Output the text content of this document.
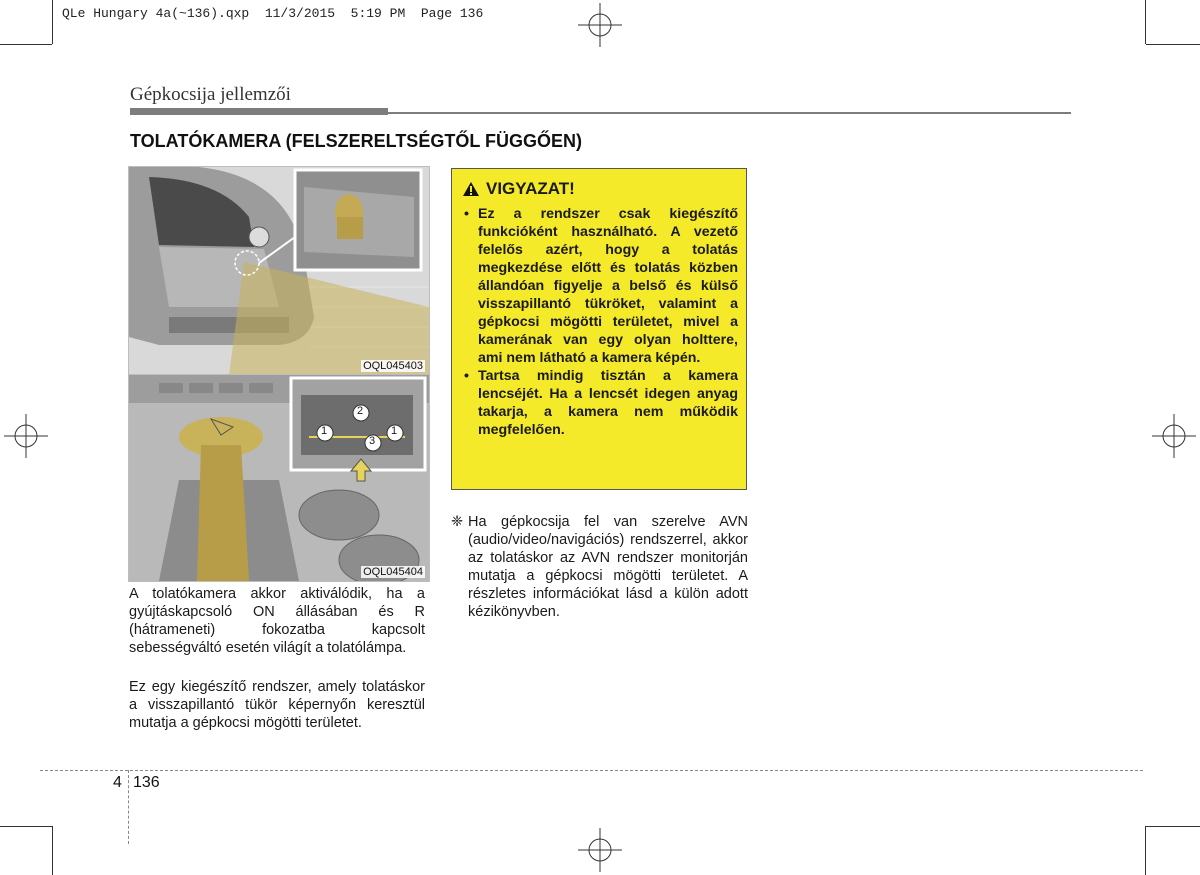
QLe Hungary 4a(~136).qxp  11/3/2015  5:19 PM  Page 136
Gépkocsija jellemzői
TOLATÓKAMERA (FELSZERELTSÉGTŐL FÜGGŐEN)
OQL045403
1
2
3
1
OQL045404
A tolatókamera akkor aktiválódik, ha a gyújtáskapcsoló ON állásában és R (hátrameneti) fokozatba kapcsolt sebességváltó esetén világít a tolatólámpa.
Ez egy kiegészítő rendszer, amely tolatáskor a visszapillantó tükör képernyőn keresztül mutatja a gépkocsi mögötti területet.
VIGYAZAT!
• Ez a rendszer csak kiegészítő funkcióként használható. A vezető felelős azért, hogy a tolatás megkezdése előtt és tolatás közben állandóan figyelje a belső és külső visszapillantó tükröket, valamint a gépkocsi mögötti területet, mivel a kamerának van egy olyan holttere, ami nem látható a kamera képén.
• Tartsa mindig tisztán a kamera lencséjét. Ha a lencsét idegen anyag takarja, a kamera nem működik megfelelően.
❈ Ha gépkocsija fel van szerelve AVN (audio/video/navigációs) rendszerrel, akkor az tolatáskor az AVN rendszer monitorján mutatja a gépkocsi mögötti területet. A részletes információkat lásd a külön adott kézikönyvben.
4 136
